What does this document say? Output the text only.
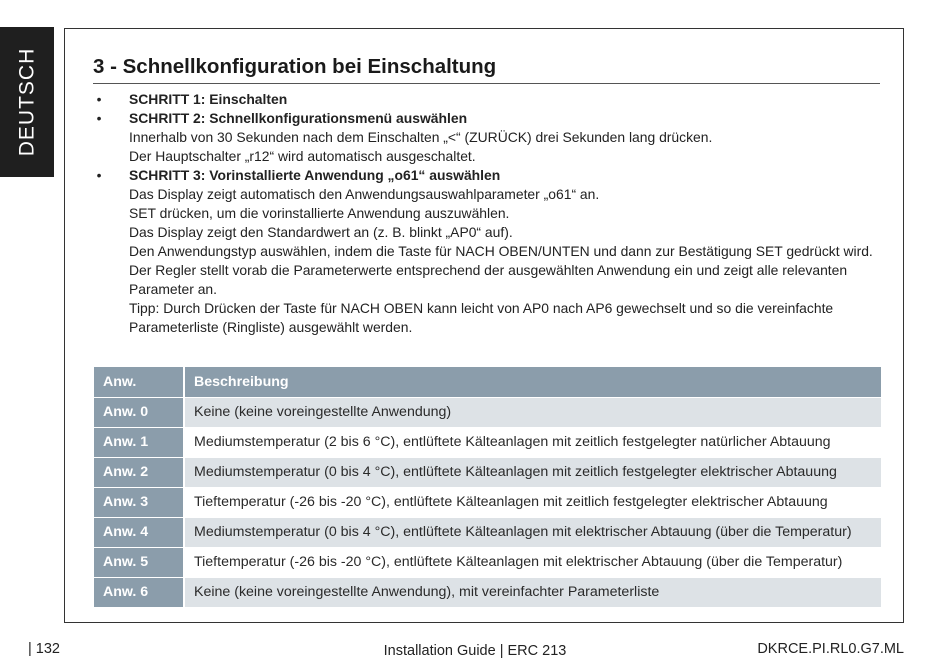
DEUTSCH	3 - Schnellkonfiguration bei Einschaltung
• SCHRITT 1: Einschalten
• SCHRITT 2: Schnellkonfigurationsmenü auswählen
Innerhalb von 30 Sekunden nach dem Einschalten „<“ (ZURÜCK) drei Sekunden lang drücken.
Der Hauptschalter „r12“ wird automatisch ausgeschaltet.
• SCHRITT 3: Vorinstallierte Anwendung „o61“ auswählen
Das Display zeigt automatisch den Anwendungsauswahlparameter „o61“ an.
SET drücken, um die vorinstallierte Anwendung auszuwählen.
Das Display zeigt den Standardwert an (z. B. blinkt „AP0“ auf).
Den Anwendungstyp auswählen, indem die Taste für NACH OBEN/UNTEN und dann zur Bestätigung SET gedrückt wird.
Der Regler stellt vorab die Parameterwerte entsprechend der ausgewählten Anwendung ein und zeigt alle relevanten Parameter an.
Tipp: Durch Drücken der Taste für NACH OBEN kann leicht von AP0 nach AP6 gewechselt und so die vereinfachte Parameterliste (Ringliste) ausgewählt werden.
Anw.	Beschreibung
Anw. 0	Keine (keine voreingestellte Anwendung)
Anw. 1	Mediumstemperatur (2 bis 6 °C), entlüftete Kälteanlagen mit zeitlich festgelegter natürlicher Abtauung
Anw. 2	Mediumstemperatur (0 bis 4 °C), entlüftete Kälteanlagen mit zeitlich festgelegter elektrischer Abtauung
Anw. 3	Tieftemperatur (-26 bis -20 °C), entlüftete Kälteanlagen mit zeitlich festgelegter elektrischer Abtauung
Anw. 4	Mediumstemperatur (0 bis 4 °C), entlüftete Kälteanlagen mit elektrischer Abtauung (über die Temperatur)
Anw. 5	Tieftemperatur (-26 bis -20 °C), entlüftete Kälteanlagen mit elektrischer Abtauung (über die Temperatur)
Anw. 6	Keine (keine voreingestellte Anwendung), mit vereinfachter Parameterliste
| 132	Installation Guide | ERC 213	DKRCE.PI.RL0.G7.ML
